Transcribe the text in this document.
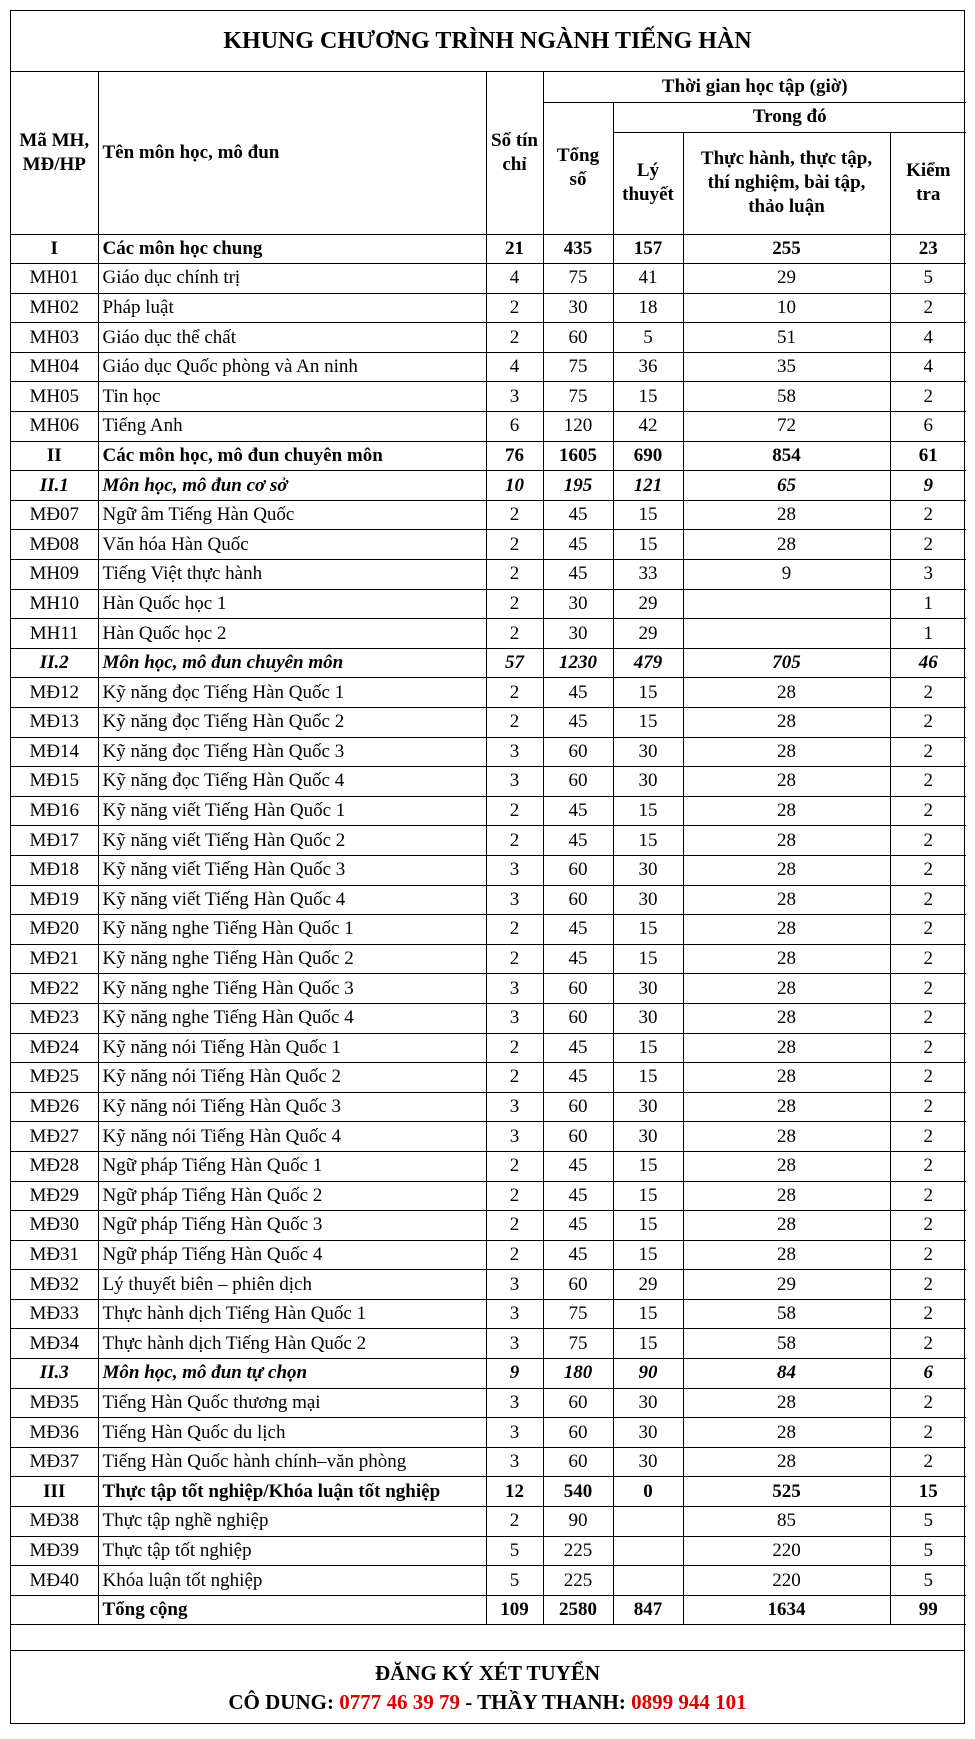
KHUNG CHƯƠNG TRÌNH NGÀNH TIẾNG HÀN
Mã MH, MĐ/HP	Tên môn học, mô đun	Số tín chỉ	Thời gian học tập (giờ)			
			Tổng số	Trong đó		
				Lý thuyết	Thực hành, thực tập, thí nghiệm, bài tập, thảo luận	Kiểm tra

I	Các môn học chung	21	435	157	255	23
MH01	Giáo dục chính trị	4	75	41	29	5
MH02	Pháp luật	2	30	18	10	2
MH03	Giáo dục thể chất	2	60	5	51	4
MH04	Giáo dục Quốc phòng và An ninh	4	75	36	35	4
MH05	Tin học	3	75	15	58	2
MH06	Tiếng Anh	6	120	42	72	6
II	Các môn học, mô đun chuyên môn	76	1605	690	854	61
II.1	Môn học, mô đun cơ sở	10	195	121	65	9
MĐ07	Ngữ âm Tiếng Hàn Quốc	2	45	15	28	2
MĐ08	Văn hóa Hàn Quốc	2	45	15	28	2
MH09	Tiếng Việt thực hành	2	45	33	9	3
MH10	Hàn Quốc học 1	2	30	29		1
MH11	Hàn Quốc học 2	2	30	29		1
II.2	Môn học, mô đun chuyên môn	57	1230	479	705	46
MĐ12	Kỹ năng đọc Tiếng Hàn Quốc 1	2	45	15	28	2
MĐ13	Kỹ năng đọc Tiếng Hàn Quốc 2	2	45	15	28	2
MĐ14	Kỹ năng đọc Tiếng Hàn Quốc 3	3	60	30	28	2
MĐ15	Kỹ năng đọc Tiếng Hàn Quốc 4	3	60	30	28	2
MĐ16	Kỹ năng viết Tiếng Hàn Quốc 1	2	45	15	28	2
MĐ17	Kỹ năng viết Tiếng Hàn Quốc 2	2	45	15	28	2
MĐ18	Kỹ năng viết Tiếng Hàn Quốc 3	3	60	30	28	2
MĐ19	Kỹ năng viết Tiếng Hàn Quốc 4	3	60	30	28	2
MĐ20	Kỹ năng nghe Tiếng Hàn Quốc 1	2	45	15	28	2
MĐ21	Kỹ năng nghe Tiếng Hàn Quốc 2	2	45	15	28	2
MĐ22	Kỹ năng nghe Tiếng Hàn Quốc 3	3	60	30	28	2
MĐ23	Kỹ năng nghe Tiếng Hàn Quốc 4	3	60	30	28	2
MĐ24	Kỹ năng nói Tiếng Hàn Quốc 1	2	45	15	28	2
MĐ25	Kỹ năng nói Tiếng Hàn Quốc 2	2	45	15	28	2
MĐ26	Kỹ năng nói Tiếng Hàn Quốc 3	3	60	30	28	2
MĐ27	Kỹ năng nói Tiếng Hàn Quốc 4	3	60	30	28	2
MĐ28	Ngữ pháp Tiếng Hàn Quốc 1	2	45	15	28	2
MĐ29	Ngữ pháp Tiếng Hàn Quốc 2	2	45	15	28	2
MĐ30	Ngữ pháp Tiếng Hàn Quốc 3	2	45	15	28	2
MĐ31	Ngữ pháp Tiếng Hàn Quốc 4	2	45	15	28	2
MĐ32	Lý thuyết biên – phiên dịch	3	60	29	29	2
MĐ33	Thực hành dịch Tiếng Hàn Quốc 1	3	75	15	58	2
MĐ34	Thực hành dịch Tiếng Hàn Quốc 2	3	75	15	58	2
II.3	Môn học, mô đun tự chọn	9	180	90	84	6
MĐ35	Tiếng Hàn Quốc thương mại	3	60	30	28	2
MĐ36	Tiếng Hàn Quốc du lịch	3	60	30	28	2
MĐ37	Tiếng Hàn Quốc hành chính–văn phòng	3	60	30	28	2
III	Thực tập tốt nghiệp/Khóa luận tốt nghiệp	12	540	0	525	15
MĐ38	Thực tập nghề nghiệp	2	90		85	5
MĐ39	Thực tập tốt nghiệp	5	225		220	5
MĐ40	Khóa luận tốt nghiệp	5	225		220	5
	Tổng cộng	109	2580	847	1634	99
ĐĂNG KÝ XÉT TUYỂN
CÔ DUNG: 0777 46 39 79 - THẦY THANH: 0899 944 101
